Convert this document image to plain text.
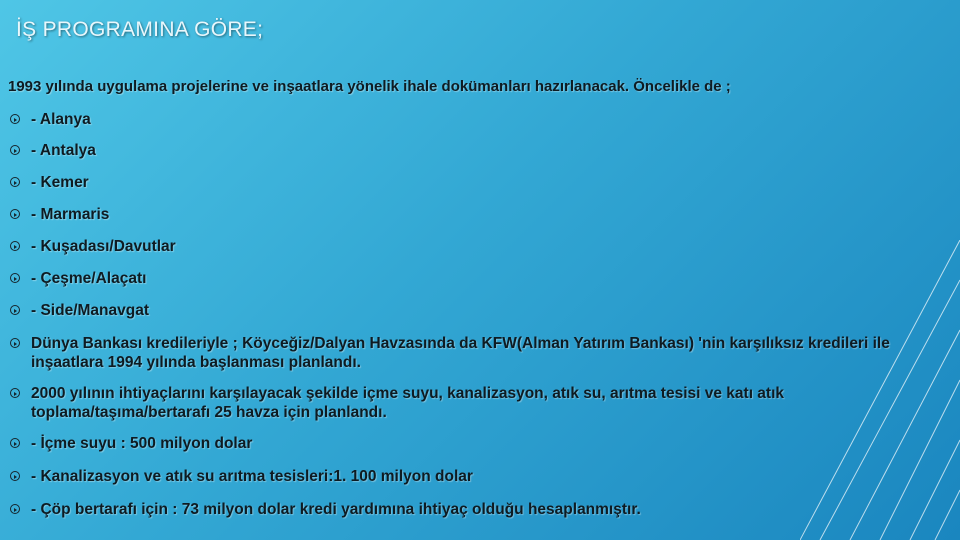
İŞ PROGRAMINA GÖRE;

1993 yılında uygulama projelerine ve inşaatlara yönelik ihale dokümanları hazırlanacak. Öncelikle de ;

- Alanya
- Antalya
- Kemer
- Marmaris
- Kuşadası/Davutlar
- Çeşme/Alaçatı
- Side/Manavgat
Dünya Bankası kredileriyle ; Köyceğiz/Dalyan Havzasında da KFW(Alman Yatırım Bankası) 'nin karşılıksız kredileri ile inşaatlara 1994 yılında başlanması planlandı.
2000 yılının ihtiyaçlarını karşılayacak şekilde içme suyu, kanalizasyon, atık su, arıtma tesisi ve katı atık toplama/taşıma/bertarafı 25 havza için planlandı.
- İçme suyu : 500 milyon dolar
- Kanalizasyon ve atık su arıtma tesisleri:1. 100 milyon dolar
- Çöp bertarafı için : 73 milyon dolar kredi yardımına ihtiyaç olduğu hesaplanmıştır.
